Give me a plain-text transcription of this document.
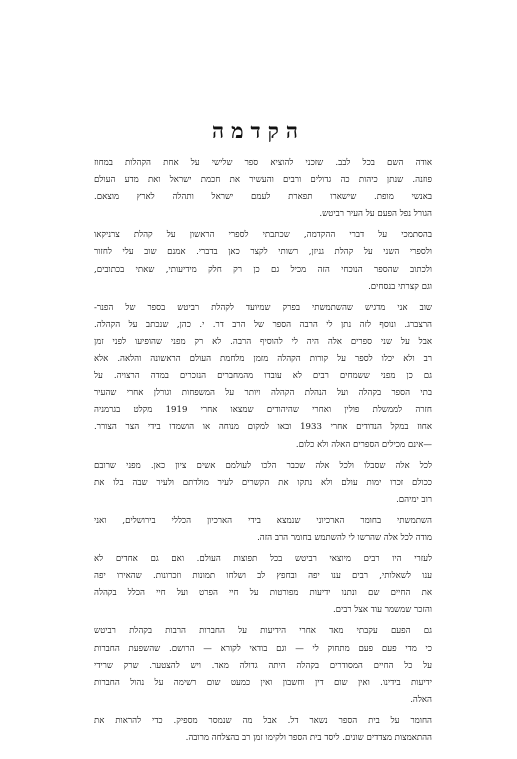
הקדמה

אודה השם בכל לבב. שזכני להוציא ספר שלישי על אחת הקהלות במחוז
פוזנה. שנתן כיהות כה גדולים ורבים והעשיר את חכמת ישראל ואת מדע העולם
באנשי מופת. שישארו תפארת לעמם ישראל ותהלה לארץ מוצאם.
הגורל נפל הפעם על העיר רביטש.

בהסתמכי על דברי ההקדמה, שכתבתי לספרי הראשון על קהלת צרניקאו
ולספרי השני על קהלת גניזן, רשותי לקצר כאן בדברי. אמנם שוב עלי לחזור
ולכתוב שהספר הנוכחי הזה מכיל גם כן רק חלק מידיעותי, שאתי בכתובים,
וגם קצרתי בנסחים.

שוב אני מדגיש שהשתמשתי בפרק שמיועד לקהלת רביטש בספר של הפנר-
הרצברג. ונוסף לזה נתן לי הרבה הספר של הרב דר. י. כהן, שנכתב על הקהלה.
אבל על שני ספרים אלה היה לי להוסיף הרבה. לא רק מפני שהופיעו לפני זמן
רב ולא יכלו לספר על קורות הקהלה מזמן מלחמת העולם הראשונה והלאה. אלא
גם כן מפני ששמחים רבים לא עובדו מהמחברים הנזכרים במדה הרצויה. על
בתי הספר בקהלה ועל הנהלת הקהלה ויותר על המשפחות וגורלן אחרי שהעיר
חזרה לממשלת פולין ואחרי שהיהודים שמצאו אחרי 1919 מקלט בגרמניה
אחוז במקל הנדודים אחרי 1933 ובאו למקום מנוחה או הושמדו בידי הצר הצורר.
—אינם מכילים הספרים האלה ולא כלום.

לכל אלה שסבלו ולכל אלה שכבר הלכו לעולמם אשים ציון כאן. מפני שרובם
ככולם זכרו ימות עולם ולא נתקו את הקשרים לעיר מולדתם ולעיר שבה בלו את
רוב ימיהם.

השתמשתי בחומר הארכיוני שנמצא בידי הארכיון הכללי בירושלים, ואני
מודה לכל אלה שהרשו לי להשתמש בחומר הרב הזה.

לעזרי היו רבים מיוצאי רביטש בכל תפוצות העולם. ואם גם אחדים לא
ענו לשאלותי, רבים ענו יפה ובחפץ לב ושלחו תמונות וזכרונות. שהאירו יפה
את החיים שם ונתנו ידיעות מפורטות על חיי הפרט ועל חיי הכלל בקהלה
והזכר שמשמר עוד אצל רבים.

גם הפעם עקבתי מאד אחרי הידיעות על החברות הרבות בקהלת רביטש
כי מדי פעם פעם מתחוק לי — וגם בודאי לקורא — הרושם. שהשפעת החברות
על כל החיים המסודרים בקהלה היתה גדולה מאד. ויש להצטער. שרק שרידי
ידיעות בידינו. ואין שום דין וחשבון ואין כמעט שום רשימה על נהול החברות
האלה.

החומר על בית הספר נשאר דל. אבל מה שנמסר מספיק. כדי להראות את
ההתאמצות מצדדים שונים. ליסד בית הספר ולקימו זמן רב בהצלחה מרובה.
